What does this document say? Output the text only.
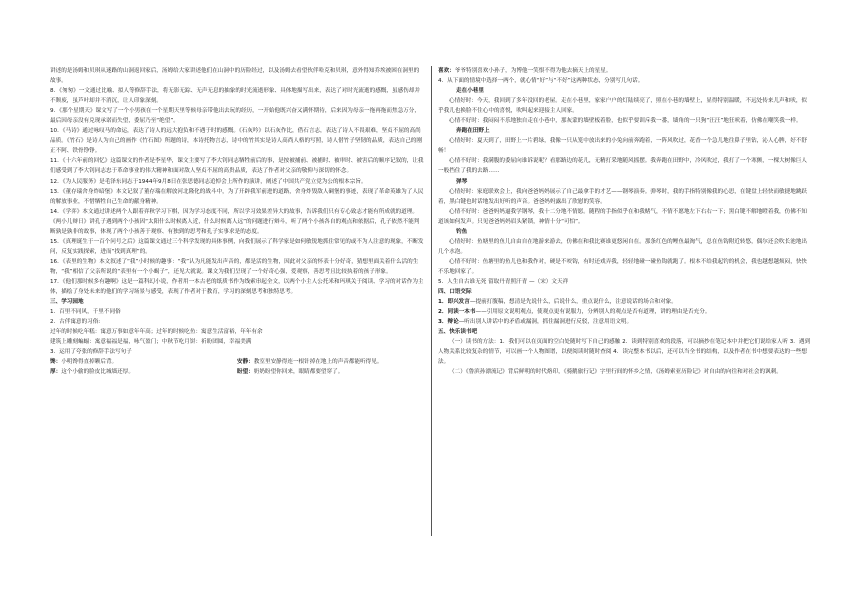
讲述的是汤姆和贝琪从迷路的山洞返回家后，汤姆给大家讲述他们在山洞中的历险经过，以及汤姆去看望伙伴哈克和贝琪，意外得知乔埃被困在洞里的故事。

8．《匆匆》一文通过比喻、拟人等修辞手法，将无影无踪、无声无息的抽象的时光流逝形象、具体地描写出来，表达了对时光流逝的感慨，虽感伤却并不颓废，虽芦叶却并不消沉，让人印象深刻。

9．《那个星期天》课文写了一个小男孩在一个星期天里等候母亲带他出去玩的经历，一开始他既兴奋又满怀期待，后来因为母亲一拖再拖而焦急万分，最后因母亲没有兑现承诺而失望，委屈乃至“绝望”。

10．《马诗》通过咏叹马的命运，表达了诗人的远大抱负和不遇于时的感慨。《石灰吟》以石灰作比，借石言志，表达了诗人不畏艰难，坚贞不屈的高尚品质。《竹石》是诗人为自己的画作《竹石图》所题的诗，本诗托物言志，诗中的竹其实是诗人高尚人格的写照，诗人借竹子坚韧的品质，表达自己的刚正不阿、铁骨铮铮。

11．《十六年前的回忆》这篇课文的作者是李星华，课文主要写了李大钊同志牺牲前后的事，是按被捕前、被捕时、被审时、被害后的顺序记叙的，让我们感受到了李大钊同志忠于革命事业的伟大精神和面对敌人坚贞不屈的高贵品质，表达了作者对父亲的敬仰与深切的怀念。

12．《为人民服务》是毛泽东同志于1944年9月8日在张思德同志追悼会上所作的演讲，阐述了中国共产党立党为公的根本宗旨。

13．《董存瑞舍身炸暗堡》本文记叙了董存瑞在解放河北隆化的战斗中，为了开辟我军前进的道路，舍身炸毁敌人碉堡的事迹，表现了革命英雄为了人民的解放事业，不惜牺牲自己生命的献身精神。

14．《学弈》本文通过讲述两个人跟着弈秋学习下棋，因为学习态度不同，所以学习效果差异大的故事，告诉我们只有专心致志才能有所成就的道理。《两小儿辩日》讲孔子遇到两个小孩因“太阳什么时候离人近，什么时候离人远”的问题进行辩斗，听了两个小孩各自的观点和依据后，孔子依然不能判断孰是孰非的故事，体现了两个小孩善于观察、有独到的思考和孔子实事求是的态度。

15．《真理诞生于一百个问号之后》这篇课文通过三个科学发现的具体事例，向我们展示了科学家是如何敏锐地抓住常见的或不为人注意的现象，不断发问，反复实践探索，进而“找到真理”的。

16．《表里的生物》本文叙述了“我”小时候的趣事：“我”认为凡能发出声音的，都是活的生物，因此对父亲的怀表十分好奇，猜想里面关着什么活的生物，“我”相信了父亲所说的“表里有一个小蝎子”，还见大就说。课文为我们呈现了一个好奇心强，爱观察，善思考且比较执着的孩子形象。

17．《他们那时候多有趣啊》这是一篇科幻小说，作者用一本古老的纸质书作为线索串起全文，以两个小主人公托米和玛琪关于阅读、学习的对话作为主体，描绘了身处未来的他们的学习场景与感受，表现了作者对于教育，学习的深刻思考和独特思考。

三、学习园地

1．百里不同风，千里不同俗

2．古伴寓意的习俗:

过年的时候吃年糕：寓意万事如意年年高；过年的时候吃鱼：寓意生活富裕，年年有余

建筑上雕刻蝙蝠：寓意福福是福，咏气盈门；中秋节吃月饼：祈盼团圆，幸福美满

3．运用了夸张的修辞手法写句子

馋：小明馋得直掉颗后背。	安静：教室里安静得连一根针掉在地上的声音都能听得见。
厚：这个小偷的脸皮比城墙还厚。	盼望：奶奶盼望你回来，眼睛都要望穿了。

喜欢：爷爷特别喜欢小孙子，为博他一笑恨不得为他去摘天上的星星。

4．从下面的情境中选择一两个，就心情“好”与“不好”这两种状态，分别写几句话。

走在小巷里

心情好时：今天，我回到了多年没回的老屋。走在小巷里，家家户户的灯陆续亮了，照在小巷的墙壁上，显得特别温暖，不远处传来儿声和吠，似乎我儿也换脸不住心中的喜悦，吹叫起来迎接主人回家。

心情不好时：我闷闷不乐地独自走在小巷中，那灰蒙的墙壁板着脸，也似乎要训斥我一番，墙角的一只狗“汪汪”地狂吠着，仿佛在嘲笑我一样。

奔跑在田野上

心情好时：夏天到了，田野上一片碧绿，我像一只从笼中放出来的小兔向前奔跑着，一阵风吹过，花香一个急儿地往鼻子里钻，沁人心脾，好不舒畅！

心情不好时：我满腹的委屈向谁诉说呢？看那路边的花儿，无精打采地随风摇摆。我奔跑在田野中，冷风吹过，我打了一个寒颤，一棵大树像巨人一般挡住了我的去路……

弹琴

心情好时：家庭联欢会上，我向爸爸妈妈展示了自己最拿手的才艺——钢琴演奏。弹琴时，我的手指特别像我的心思，在键盘上轻快而敏捷地跳跃着，黑白键也时话地发出好听的声音。爸爸妈妈露出了欣慰的笑容。

心情不好时：爸爸妈妈逼我学钢琴，我十二分地不情愿。随程的手指似乎在和我赌气，不情不愿地左下右右一下；黑白键不解地瞪着我，仿佛不知道该如何发声。只见爸爸妈妈眉头紧锁，神情十分“可怕”。

钓鱼

心情好时：鱼塘里的鱼儿自由自在地游来游去，仿佛在和我比赛谁更悠闲自在。那条红色的鲤鱼最淘气，总在鱼钩附近转悠，偶尔还会吹长池地出几个水泡。

心情不好时：鱼塘里的鱼儿也和我作对，硬是不咬钩，有时还戏弄我，轻轻地碰一碰鱼钩就跑了。根本不给我起钓的机会，我也越想越烦闷，快快不乐地回家了。

5．人生自古谁无死 留取丹青照汗青 —（宋）文天祥

四、口语交际

1．即兴发言—提前打腹稿，想清是先说什么，后说什么，重点说什么，注意说话的场合和对象。

2．同读一本书——引用原文说明观点，使观点更有说服力，分辨别人的观点是否有道理，讲的理由是否充分。

3．辩论—听出别人讲话中的矛盾或漏洞，抓住漏洞进行反驳，注意用语文明。

五、快乐读书吧

（一）读书的方法：1．我们可以在页面的空白处随时写下自己的感触 2．读到特别喜欢的段落，可以摘抄在笔记本中并把它们说给家人听 3．遇到人物关系比较复杂的情节，可以画一个人物图谱，以便阅读时随时查阅 4．读完整本书以后，还可以当全书的结构，以及作者在书中想要表达的一些想法。

（二）《鲁滨孙漂流记》背后鲜明的时代烙印，《骑鹅旅行记》字里行间的怀乡之情，《汤姆索亚历险记》对自由的向往和对社会的讽刺。
